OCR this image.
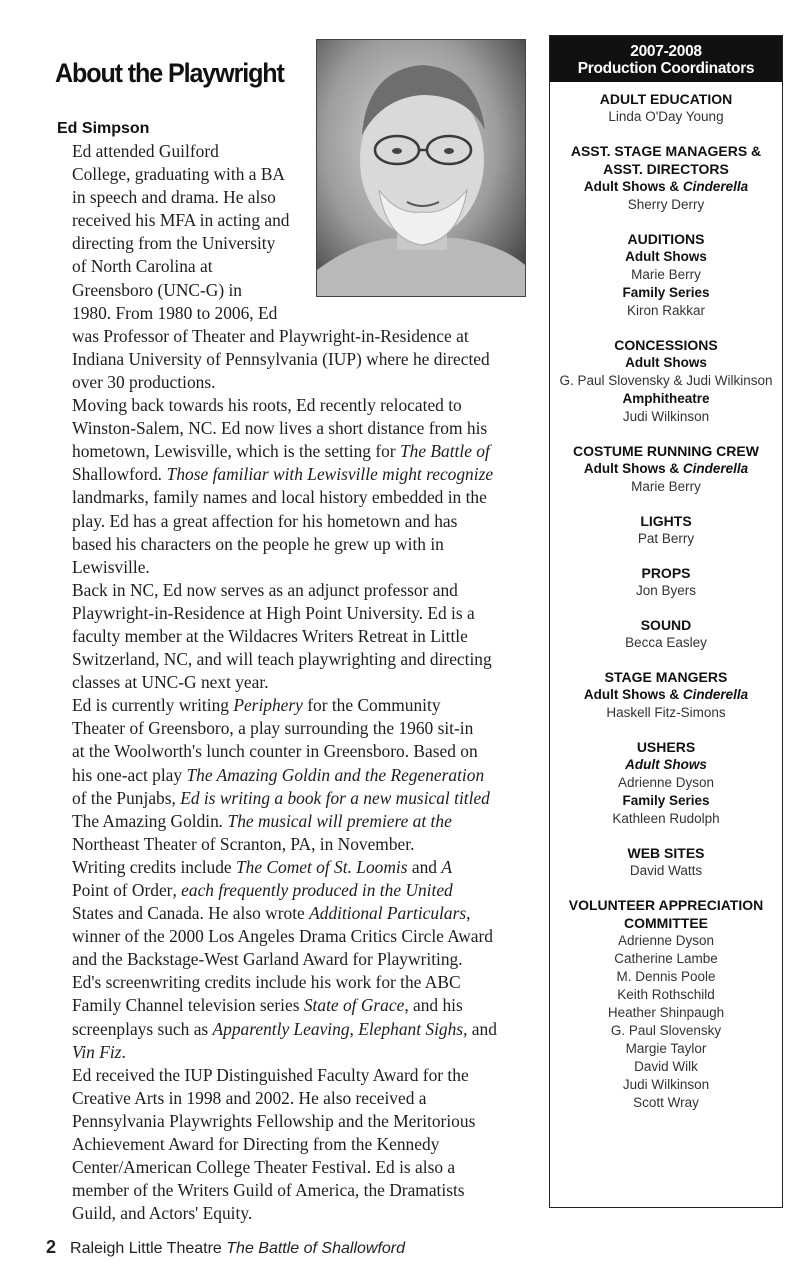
About the Playwright
Ed Simpson

Ed attended Guilford
College, graduating with a BA
in speech and drama. He also
received his MFA in acting and
directing from the University
of North Carolina at
Greensboro (UNC-G) in
1980. From 1980 to 2006, Ed
was Professor of Theater and Playwright-in-Residence at
Indiana University of Pennsylvania (IUP) where he directed
over 30 productions.

Moving back towards his roots, Ed recently relocated to
Winston-Salem, NC. Ed now lives a short distance from his
hometown, Lewisville, which is the setting for The Battle of
Shallowford. Those familiar with Lewisville might recognize
landmarks, family names and local history embedded in the
play. Ed has a great affection for his hometown and has
based his characters on the people he grew up with in
Lewisville.

Back in NC, Ed now serves as an adjunct professor and
Playwright-in-Residence at High Point University. Ed is a
faculty member at the Wildacres Writers Retreat in Little
Switzerland, NC, and will teach playwrighting and directing
classes at UNC-G next year.

Ed is currently writing Periphery for the Community
Theater of Greensboro, a play surrounding the 1960 sit-in
at the Woolworth's lunch counter in Greensboro. Based on
his one-act play The Amazing Goldin and the Regeneration
of the Punjabs, Ed is writing a book for a new musical titled
The Amazing Goldin. The musical will premiere at the
Northeast Theater of Scranton, PA, in November.

Writing credits include The Comet of St. Loomis and A
Point of Order, each frequently produced in the United
States and Canada. He also wrote Additional Particulars,
winner of the 2000 Los Angeles Drama Critics Circle Award
and the Backstage-West Garland Award for Playwriting.
Ed's screenwriting credits include his work for the ABC
Family Channel television series State of Grace, and his
screenplays such as Apparently Leaving, Elephant Sighs, and
Vin Fiz.

Ed received the IUP Distinguished Faculty Award for the
Creative Arts in 1998 and 2002. He also received a
Pennsylvania Playwrights Fellowship and the Meritorious
Achievement Award for Directing from the Kennedy
Center/American College Theater Festival. Ed is also a
member of the Writers Guild of America, the Dramatists
Guild, and Actors' Equity.

2007-2008
Production Coordinators
ADULT EDUCATION
Linda O'Day Young
ASST. STAGE MANAGERS &
ASST. DIRECTORS
Adult Shows & Cinderella
Sherry Derry
AUDITIONS
Adult Shows
Marie Berry
Family Series
Kiron Rakkar
CONCESSIONS
Adult Shows
G. Paul Slovensky & Judi Wilkinson
Amphitheatre
Judi Wilkinson
COSTUME RUNNING CREW
Adult Shows & Cinderella
Marie Berry
LIGHTS
Pat Berry
PROPS
Jon Byers
SOUND
Becca Easley
STAGE MANGERS
Adult Shows & Cinderella
Haskell Fitz-Simons
USHERS
Adult Shows
Adrienne Dyson
Family Series
Kathleen Rudolph
WEB SITES
David Watts
VOLUNTEER APPRECIATION
COMMITTEE
Adrienne Dyson
Catherine Lambe
M. Dennis Poole
Keith Rothschild
Heather Shinpaugh
G. Paul Slovensky
Margie Taylor
David Wilk
Judi Wilkinson
Scott Wray
2 Raleigh Little Theatre The Battle of Shallowford
